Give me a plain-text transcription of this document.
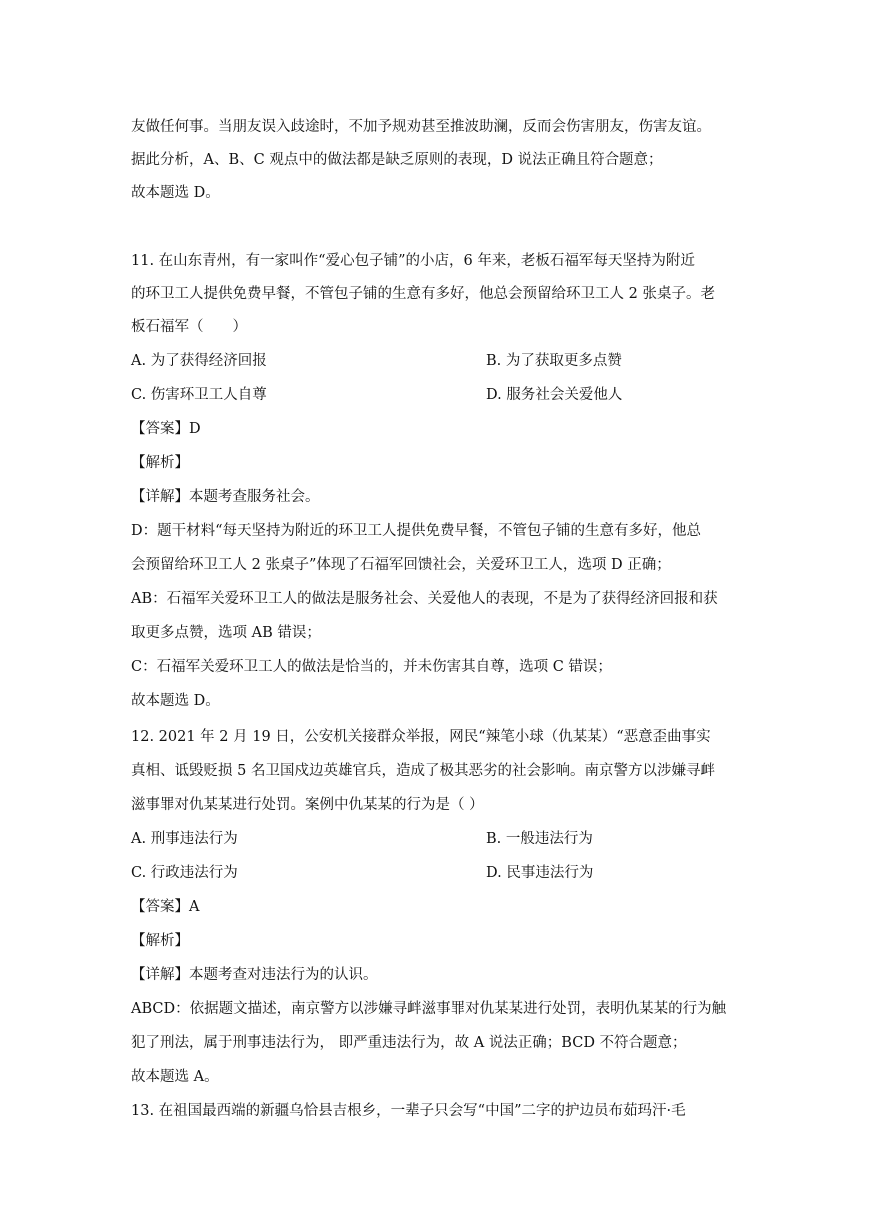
友做任何事。当朋友误入歧途时，不加予规劝甚至推波助澜，反而会伤害朋友，伤害友谊。
据此分析，A、B、C 观点中的做法都是缺乏原则的表现，D 说法正确且符合题意；
故本题选 D。
11. 在山东青州，有一家叫作“爱心包子铺”的小店，6 年来，老板石福军每天坚持为附近
的环卫工人提供免费早餐，不管包子铺的生意有多好，他总会预留给环卫工人 2 张桌子。老
板石福军（　　）
A. 为了获得经济回报	B. 为了获取更多点赞
C. 伤害环卫工人自尊	D. 服务社会关爱他人
【答案】D
【解析】
【详解】本题考查服务社会。
D：题干材料“每天坚持为附近的环卫工人提供免费早餐，不管包子铺的生意有多好，他总
会预留给环卫工人 2 张桌子”体现了石福军回馈社会，关爱环卫工人，选项 D 正确；
AB：石福军关爱环卫工人的做法是服务社会、关爱他人的表现，不是为了获得经济回报和获
取更多点赞，选项 AB 错误；
C：石福军关爱环卫工人的做法是恰当的，并未伤害其自尊，选项 C 错误；
故本题选 D。
12. 2021 年 2 月 19 日，公安机关接群众举报，网民“辣笔小球（仇某某）“恶意歪曲事实
真相、诋毁贬损 5 名卫国戍边英雄官兵，造成了极其恶劣的社会影响。南京警方以涉嫌寻衅
滋事罪对仇某某进行处罚。案例中仇某某的行为是（ ）
A. 刑事违法行为	B. 一般违法行为
C. 行政违法行为	D. 民事违法行为
【答案】A
【解析】
【详解】本题考查对违法行为的认识。
ABCD：依据题文描述，南京警方以涉嫌寻衅滋事罪对仇某某进行处罚，表明仇某某的行为触
犯了刑法，属于刑事违法行为， 即严重违法行为，故 A 说法正确；BCD 不符合题意；
故本题选 A。
13. 在祖国最西端的新疆乌恰县吉根乡，一辈子只会写“中国”二字的护边员布茹玛汗·毛
